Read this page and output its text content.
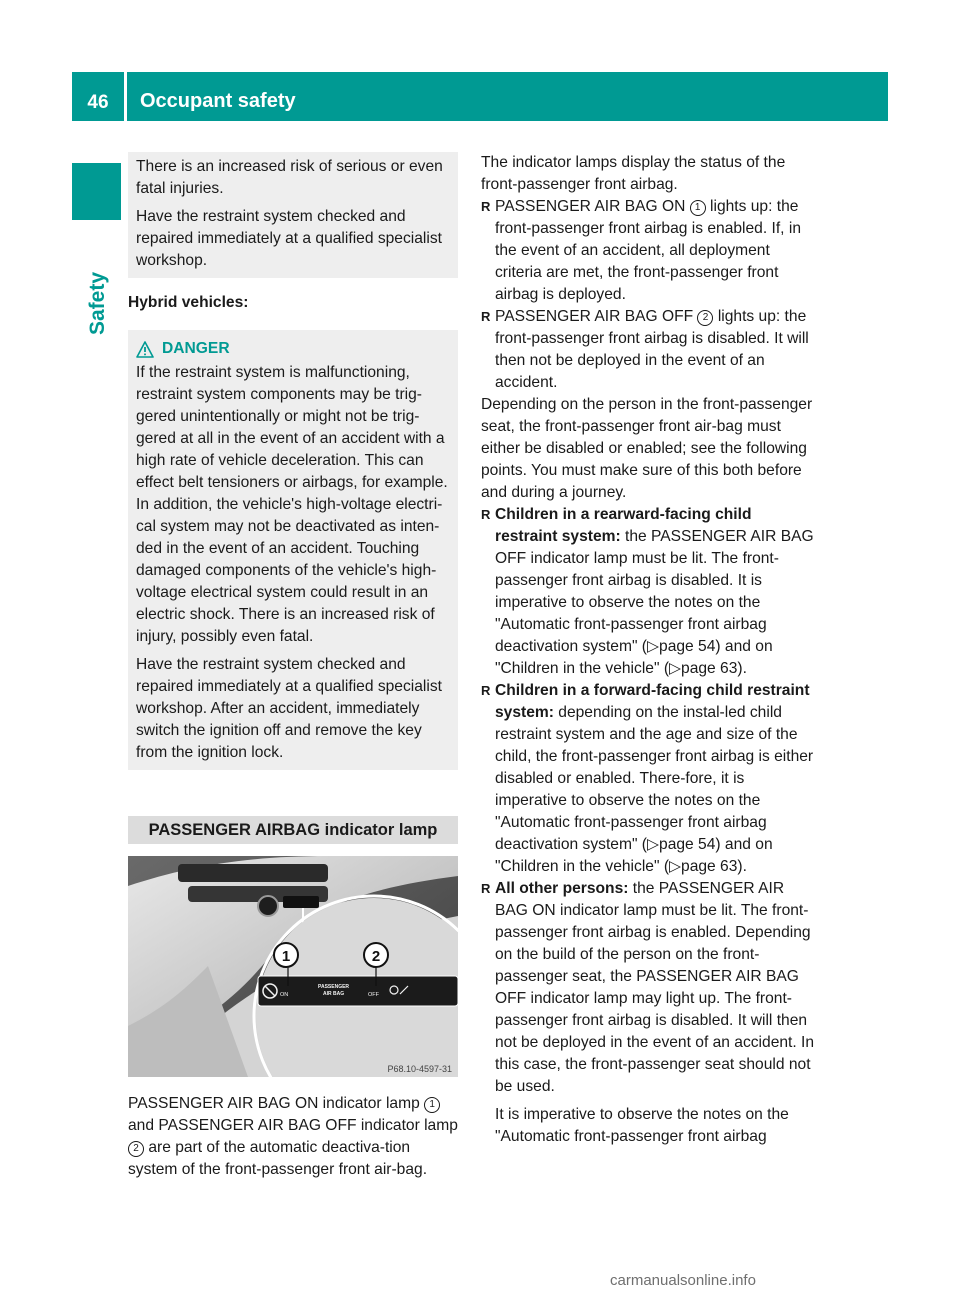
46	Occupant safety
Safety

There is an increased risk of serious or even fatal injuries.

Have the restraint system checked and repaired immediately at a qualified specialist workshop.

Hybrid vehicles:
DANGER

If the restraint system is malfunctioning, restraint system components may be trig-gered unintentionally or might not be trig-gered at all in the event of an accident with a high rate of vehicle deceleration. This can effect belt tensioners or airbags, for example. In addition, the vehicle's high-voltage electri-cal system may not be deactivated as inten-ded in the event of an accident. Touching damaged components of the vehicle's high-voltage electrical system could result in an electric shock. There is an increased risk of injury, possibly even fatal.

Have the restraint system checked and repaired immediately at a qualified specialist workshop. After an accident, immediately switch the ignition off and remove the key from the ignition lock.

PASSENGER AIRBAG indicator lamp
ON
PASSENGER
AIR BAG	OFF
1	2
P68.10-4597-31

PASSENGER AIR BAG ON indicator lamp 1 and PASSENGER AIR BAG OFF indicator lamp 2 are part of the automatic deactiva-tion system of the front-passenger front air-bag.

The indicator lamps display the status of the front-passenger front airbag.

R PASSENGER AIR BAG ON 1 lights up: the front-passenger front airbag is enabled. If, in the event of an accident, all deployment criteria are met, the front-passenger front airbag is deployed.
R PASSENGER AIR BAG OFF 2 lights up: the front-passenger front airbag is disabled. It will then not be deployed in the event of an accident.

Depending on the person in the front-passenger seat, the front-passenger front air-bag must either be disabled or enabled; see the following points. You must make sure of this both before and during a journey.

R Children in a rearward-facing child restraint system: the PASSENGER AIR BAG OFF indicator lamp must be lit. The front-passenger front airbag is disabled. It is imperative to observe the notes on the "Automatic front-passenger front airbag deactivation system" (▷page 54) and on "Children in the vehicle" (▷page 63).
R Children in a forward-facing child restraint system: depending on the instal-led child restraint system and the age and size of the child, the front-passenger front airbag is either disabled or enabled. There-fore, it is imperative to observe the notes on the "Automatic front-passenger front airbag deactivation system" (▷page 54) and on "Children in the vehicle" (▷page 63).
R All other persons: the PASSENGER AIR BAG ON indicator lamp must be lit. The front-passenger front airbag is enabled. Depending on the build of the person on the front-passenger seat, the PASSENGER AIR BAG OFF indicator lamp may light up. The front-passenger front airbag is disabled. It will then not be deployed in the event of an accident. In this case, the front-passenger seat should not be used.
It is imperative to observe the notes on the "Automatic front-passenger front airbag
carmanualsonline.info
